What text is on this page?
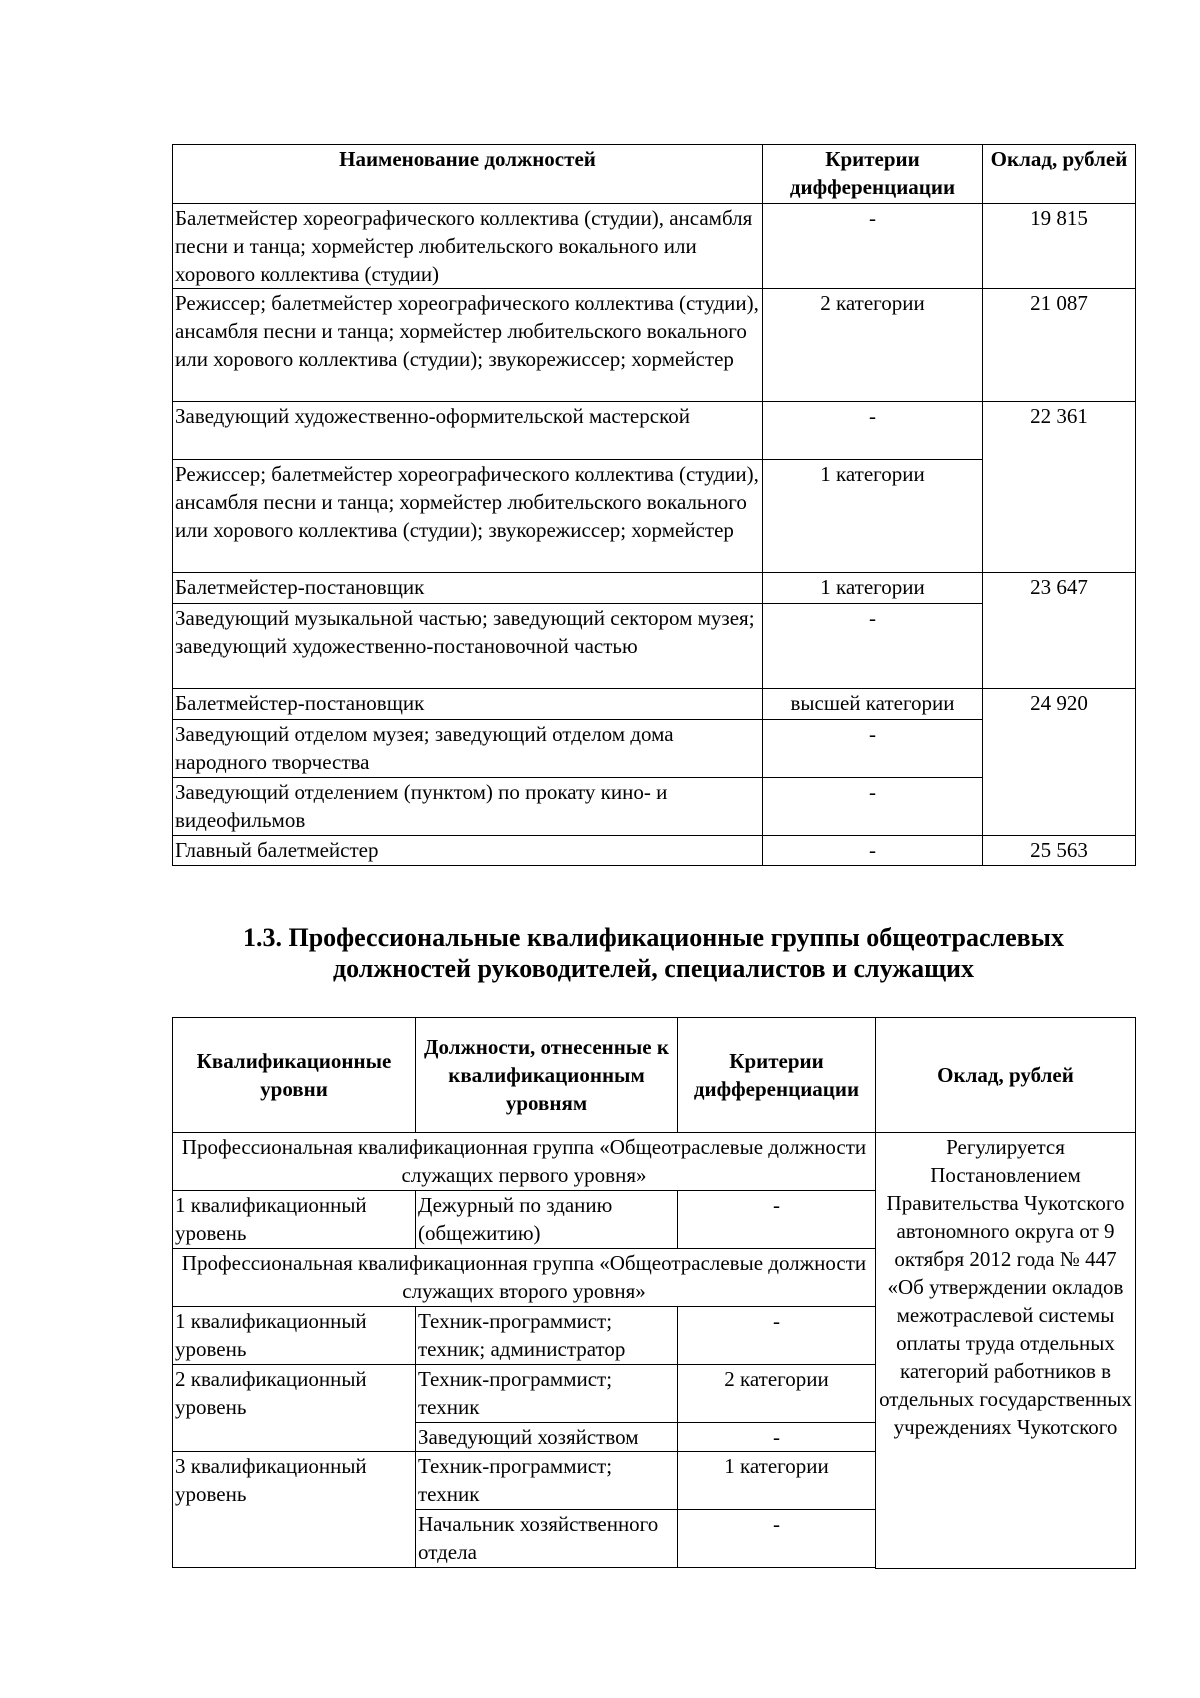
Наименование должностей	Критерии дифференциации	Оклад, рублей
Балетмейстер хореографического коллектива (студии), ансамбля песни и танца; хормейстер любительского вокального или хорового коллектива (студии)	-	19 815
Режиссер; балетмейстер хореографического коллектива (студии), ансамбля песни и танца; хормейстер любительского вокального или хорового коллектива (студии); звукорежиссер; хормейстер	2 категории	21 087
Заведующий художественно-оформительской мастерской	-	22 361
Режиссер; балетмейстер хореографического коллектива (студии), ансамбля песни и танца; хормейстер любительского вокального или хорового коллектива (студии); звукорежиссер; хормейстер	1 категории	
Балетмейстер-постановщик	1 категории	23 647
Заведующий музыкальной частью; заведующий сектором музея; заведующий художественно-постановочной частью	-	
Балетмейстер-постановщик	высшей категории	24 920
Заведующий отделом музея; заведующий отделом дома народного творчества	-	
Заведующий отделением (пунктом) по прокату кино- и видеофильмов	-	
Главный балетмейстер	-	25 563
1.3. Профессиональные квалификационные группы общеотраслевых должностей руководителей, специалистов и служащих
Квалификационные уровни	Должности, отнесенные к квалификационным уровням	Критерии дифференциации	Оклад, рублей
Профессиональная квалификационная группа «Общеотраслевые должности служащих первого уровня»			Регулируется Постановлением Правительства Чукотского автономного округа от 9 октября 2012 года № 447 «Об утверждении окладов межотраслевой системы оплаты труда отдельных категорий работников в отдельных государственных учреждениях Чукотского
1 квалификационный уровень	Дежурный по зданию (общежитию)	-	
Профессиональная квалификационная группа «Общеотраслевые должности служащих второго уровня»			
1 квалификационный уровень	Техник-программист; техник; администратор	-	
2 квалификационный уровень	Техник-программист; техник	2 категории	
	Заведующий хозяйством	-	
3 квалификационный уровень	Техник-программист; техник	1 категории	
	Начальник хозяйственного отдела	-	
